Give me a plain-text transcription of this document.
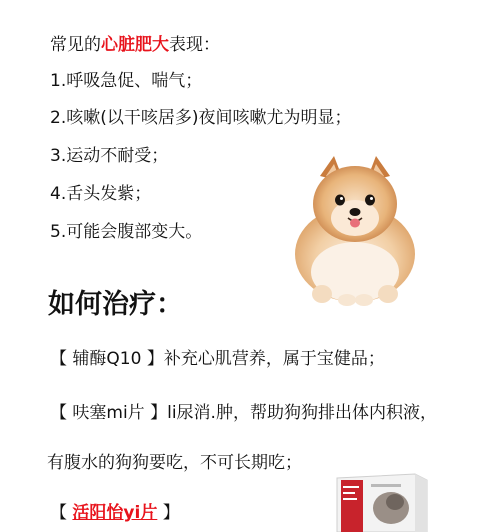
常见的心脏肥大表现：
1.呼吸急促、喘气；
2.咳嗽(以干咳居多)夜间咳嗽尤为明显；
3.运动不耐受；
4.舌头发紫；
5.可能会腹部变大。
如何治疗：
【 辅酶Q10 】补充心肌营养，属于宝健品；
【 呋塞mi片 】li尿消.肿，帮助狗狗排出体内积液，
有腹水的狗狗要吃，不可长期吃；
【 活阳怡yi片 】
